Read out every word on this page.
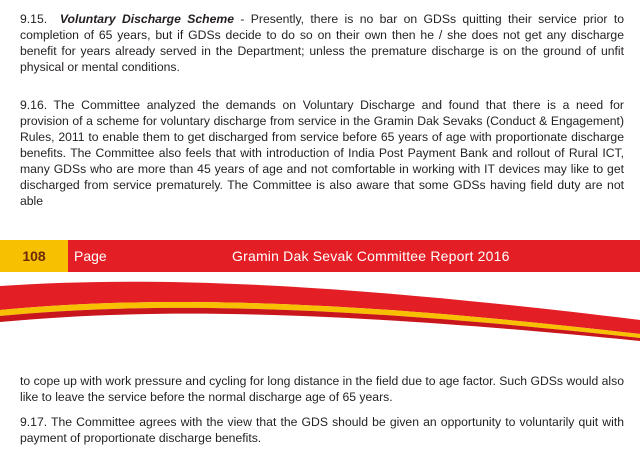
9.15. Voluntary Discharge Scheme - Presently, there is no bar on GDSs quitting their service prior to completion of 65 years, but if GDSs decide to do so on their own then he / she does not get any discharge benefit for years already served in the Department; unless the premature discharge is on the ground of unfit physical or mental conditions.

9.16. The Committee analyzed the demands on Voluntary Discharge and found that there is a need for provision of a scheme for voluntary discharge from service in the Gramin Dak Sevaks (Conduct & Engagement) Rules, 2011 to enable them to get discharged from service before 65 years of age with proportionate discharge benefits. The Committee also feels that with introduction of India Post Payment Bank and rollout of Rural ICT, many GDSs who are more than 45 years of age and not comfortable in working with IT devices may like to get discharged from service prematurely. The Committee is also aware that some GDSs having field duty are not able

108	Page	Gramin Dak Sevak Committee Report 2016

to cope up with work pressure and cycling for long distance in the field due to age factor. Such GDSs would also like to leave the service before the normal discharge age of 65 years.

9.17. The Committee agrees with the view that the GDS should be given an opportunity to voluntarily quit with payment of proportionate discharge benefits.
